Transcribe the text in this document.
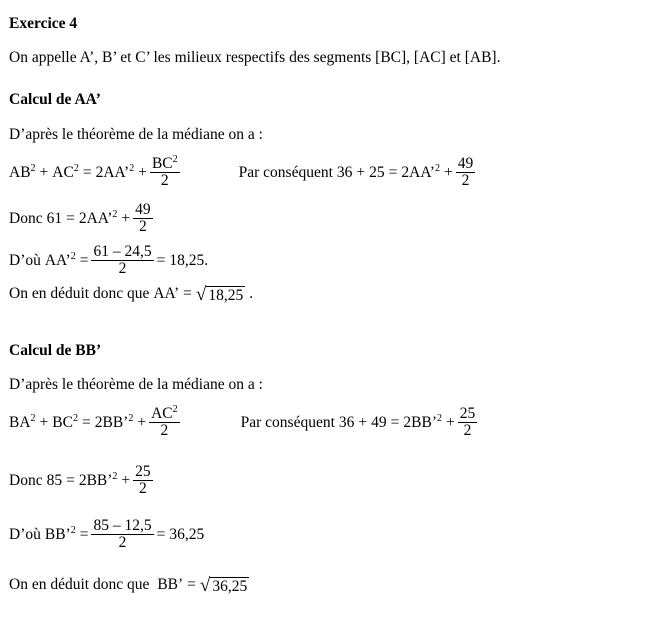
Exercice 4
On appelle A’, B’ et C’ les milieux respectifs des segments [BC], [AC] et [AB].
Calcul de AA’
D’après le théorème de la médiane on a :
$AB^2 + AC^2$ = 2AA’$^2$ + $\frac{BC^2}{2}$	Par conséquent 36 + 25 = 2AA’$^2$ + $\frac{49}{2}$
Donc 61 = 2AA’$^2$ + $\frac{49}{2}$
D’où AA’$^2$ = $\frac{61 - 24,5}{2} = 18,25$.
On en déduit donc que AA’ = √ 18,25 .
Calcul de BB’
D’après le théorème de la médiane on a :
$BA^2 + BC^2$ = 2BB’$^2$ + $\frac{AC^2}{2}$	Par conséquent 36 + 49 = 2BB’$^2$ + $\frac{25}{2}$
Donc 85 = 2BB’$^2$ + $\frac{25}{2}$
D’où BB’$^2$ = $\frac{85 - 12,5}{2} = 36,25$
On en déduit donc que BB’ = √ 36,25
